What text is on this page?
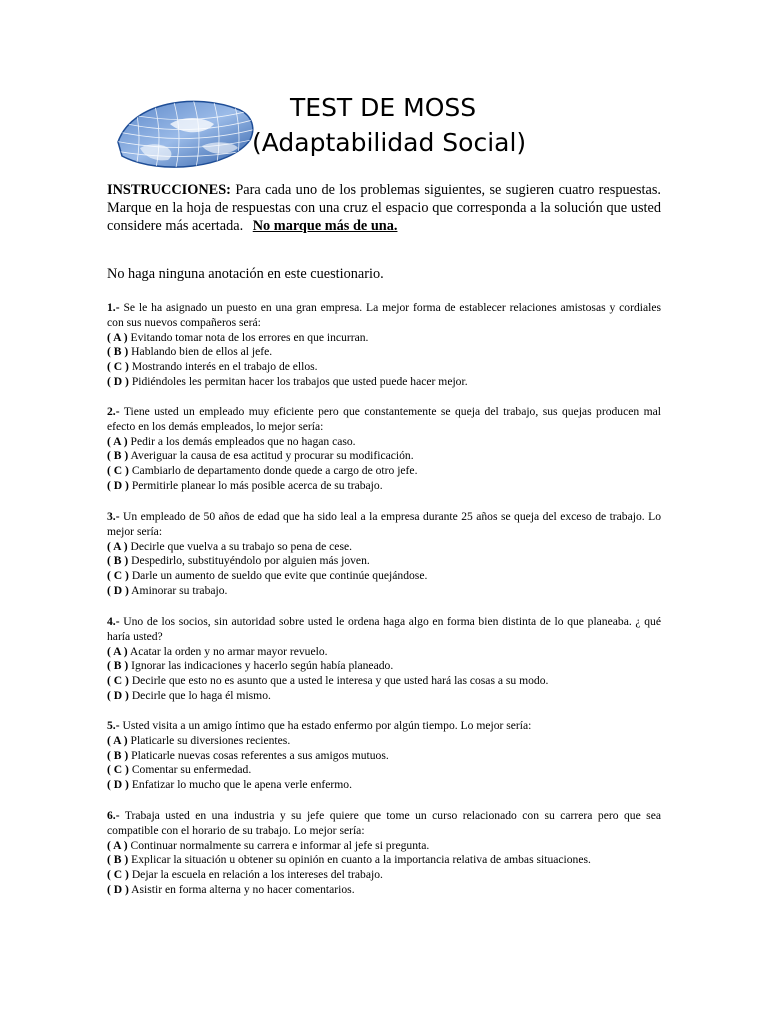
TEST DE MOSS
(Adaptabilidad Social)
INSTRUCCIONES: Para cada uno de los problemas siguientes, se sugieren cuatro respuestas. Marque en la hoja de respuestas con una cruz el espacio que corresponda a la solución que usted considere más acertada. No marque más de una.
No haga ninguna anotación en este cuestionario.
1.- Se le ha asignado un puesto en una gran empresa. La mejor forma de establecer relaciones amistosas y cordiales con sus nuevos compañeros será:
( A ) Evitando tomar nota de los errores en que incurran.
( B ) Hablando bien de ellos al jefe.
( C ) Mostrando interés en el trabajo de ellos.
( D ) Pidiéndoles les permitan hacer los trabajos que usted puede hacer mejor.
2.- Tiene usted un empleado muy eficiente pero que constantemente se queja del trabajo, sus quejas producen mal efecto en los demás empleados, lo mejor sería:
( A ) Pedir a los demás empleados que no hagan caso.
( B ) Averiguar la causa de esa actitud y procurar su modificación.
( C ) Cambiarlo de departamento donde quede a cargo de otro jefe.
( D ) Permitirle planear lo más posible acerca de su trabajo.
3.- Un empleado de 50 años de edad que ha sido leal a la empresa durante 25 años se queja del exceso de trabajo. Lo mejor sería:
( A ) Decirle que vuelva a su trabajo so pena de cese.
( B ) Despedirlo, substituyéndolo por alguien más joven.
( C ) Darle un aumento de sueldo que evite que continúe quejándose.
( D ) Aminorar su trabajo.
4.- Uno de los socios, sin autoridad sobre usted le ordena haga algo en forma bien distinta de lo que planeaba. ¿ qué haría usted?
( A ) Acatar la orden y no armar mayor revuelo.
( B ) Ignorar las indicaciones y hacerlo según había planeado.
( C ) Decirle que esto no es asunto que a usted le interesa y que usted hará las cosas a su modo.
( D ) Decirle que lo haga él mismo.
5.- Usted visita a un amigo íntimo que ha estado enfermo por algún tiempo. Lo mejor sería:
( A ) Platicarle su diversiones recientes.
( B ) Platicarle nuevas cosas referentes a sus amigos mutuos.
( C ) Comentar su enfermedad.
( D ) Enfatizar lo mucho que le apena verle enfermo.
6.- Trabaja usted en una industria y su jefe quiere que tome un curso relacionado con su carrera pero que sea compatible con el horario de su trabajo. Lo mejor sería:
( A ) Continuar normalmente su carrera e informar al jefe si pregunta.
( B ) Explicar la situación u obtener su opinión en cuanto a la importancia relativa de ambas situaciones.
( C ) Dejar la escuela en relación a los intereses del trabajo.
( D ) Asistir en forma alterna y no hacer comentarios.
